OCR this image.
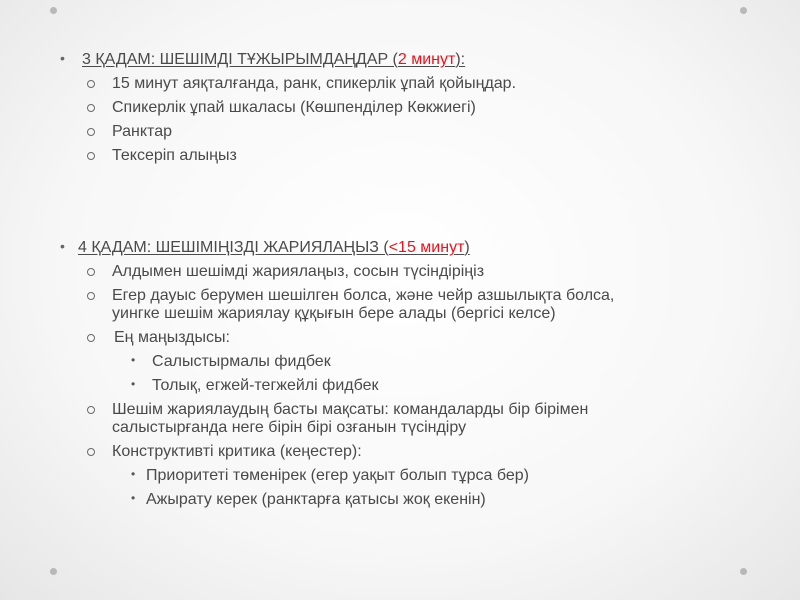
• 3 ҚАДАМ: ШЕШІМДІ ТҰЖЫРЫМДАҢДАР (2 минут):
15 минут аяқталғанда, ранк, спикерлік ұпай қойыңдар.
Спикерлік ұпай шкаласы (Көшпенділер Көкжиегі)
Ранктар
Тексеріп алыңыз
• 4 ҚАДАМ: ШЕШІМІҢІЗДІ ЖАРИЯЛАҢЫЗ (<15 минут)
Алдымен шешімді жариялаңыз, сосын түсіндіріңіз
Егер дауыс берумен шешілген болса, және чейр азшылықта болса,
уингке шешім жариялау құқығын бере алады (бергісі келсе)
Ең маңыздысы:
• Салыстырмалы фидбек
• Толық, егжей-тегжейлі фидбек
Шешім жариялаудың басты мақсаты: командаларды бір бірімен
салыстырғанда неге бірін бірі озғанын түсіндіру
Конструктивті критика (кеңестер):
• Приоритеті төменірек (егер уақыт болып тұрса бер)
• Ажырату керек (ранктарға қатысы жоқ екенін)
